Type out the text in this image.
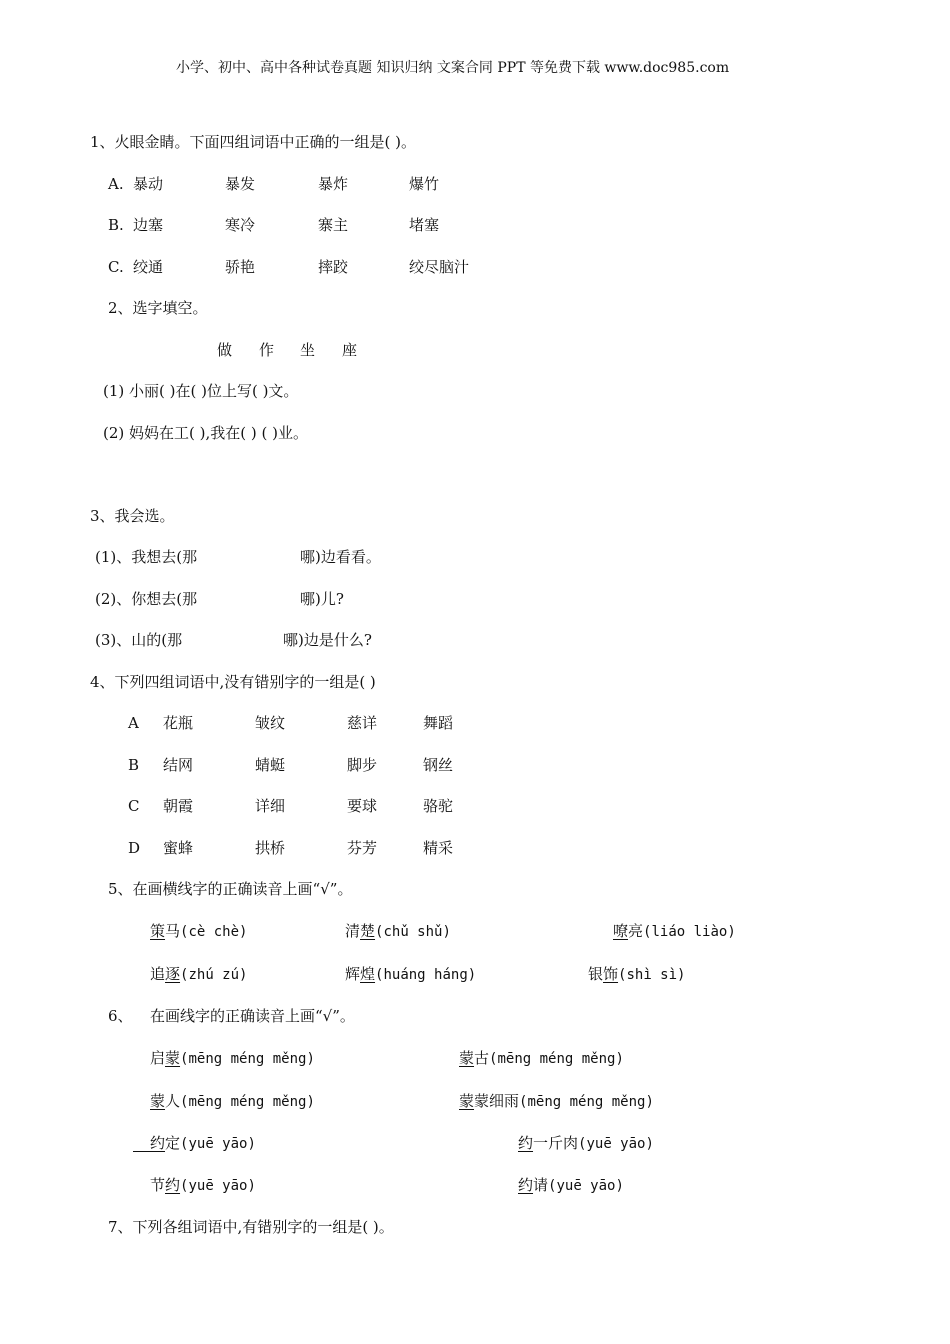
小学、初中、高中各种试卷真题 知识归纳 文案合同 PPT 等免费下载 www.doc985.com
1、火眼金睛。下面四组词语中正确的一组是( )。
A. 暴动	暴发	暴炸	爆竹
B. 边塞	寒冷	寨主	堵塞
C. 绞通	骄艳	摔跤	绞尽脑汁
2、选字填空。
做 作 坐 座
(1) 小丽( )在( )位上写( )文。
(2) 妈妈在工( ),我在( ) ( )业。
3、我会选。
(1)、我想去(那	哪)边看看。
(2)、你想去(那	哪)儿?
(3)、山的(那	哪)边是什么?
4、下列四组词语中,没有错别字的一组是( )
A 花瓶	皱纹	慈详	舞蹈
B 结网	蜻蜓	脚步	钢丝
C 朝霞	详细	要球	骆驼
D 蜜蜂	拱桥	芬芳	精采
5、在画横线字的正确读音上画“√”。
策马(cè chè)	清楚(chǔ shǔ)	嘹亮(liáo liào)
追逐(zhú zú)	辉煌(huáng háng)	银饰(shì sì)
6、 在画线字的正确读音上画“√”。
启蒙(mēng méng měng)	蒙古(mēng méng měng)
蒙人(mēng méng měng)	蒙蒙细雨(mēng méng měng)
约定(yuē yāo)	约一斤肉(yuē yāo)
节约(yuē yāo)	约请(yuē yāo)
7、下列各组词语中,有错别字的一组是( )。
